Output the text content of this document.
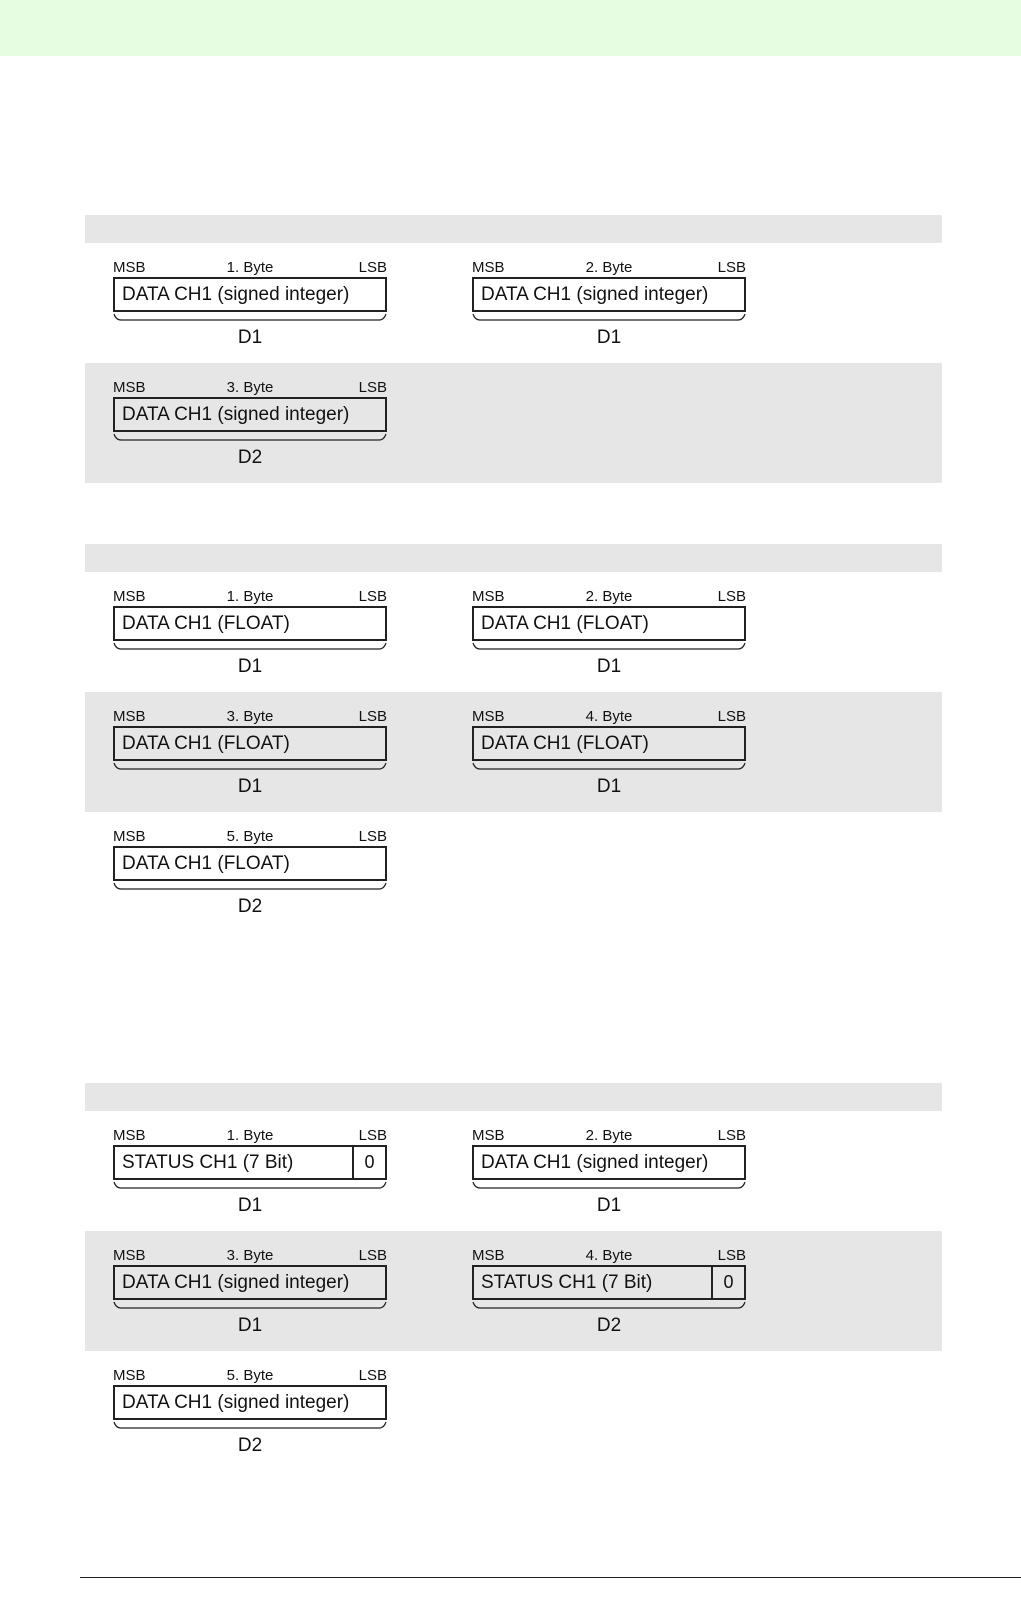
MSB	1. Byte	LSB
DATA CH1 (signed integer)
D1
MSB	2. Byte	LSB
DATA CH1 (signed integer)
D1
MSB	3. Byte	LSB
DATA CH1 (signed integer)
D2
MSB	1. Byte	LSB
DATA CH1 (FLOAT)
D1
MSB	2. Byte	LSB
DATA CH1 (FLOAT)
D1
MSB	3. Byte	LSB
DATA CH1 (FLOAT)
D1
MSB	4. Byte	LSB
DATA CH1 (FLOAT)
D1
MSB	5. Byte	LSB
DATA CH1 (FLOAT)
D2
MSB	1. Byte	LSB
STATUS CH1 (7 Bit)	0
D1
MSB	2. Byte	LSB
DATA CH1 (signed integer)
D1
MSB	3. Byte	LSB
DATA CH1 (signed integer)
D1
MSB	4. Byte	LSB
STATUS CH1 (7 Bit)	0
D2
MSB	5. Byte	LSB
DATA CH1 (signed integer)
D2
